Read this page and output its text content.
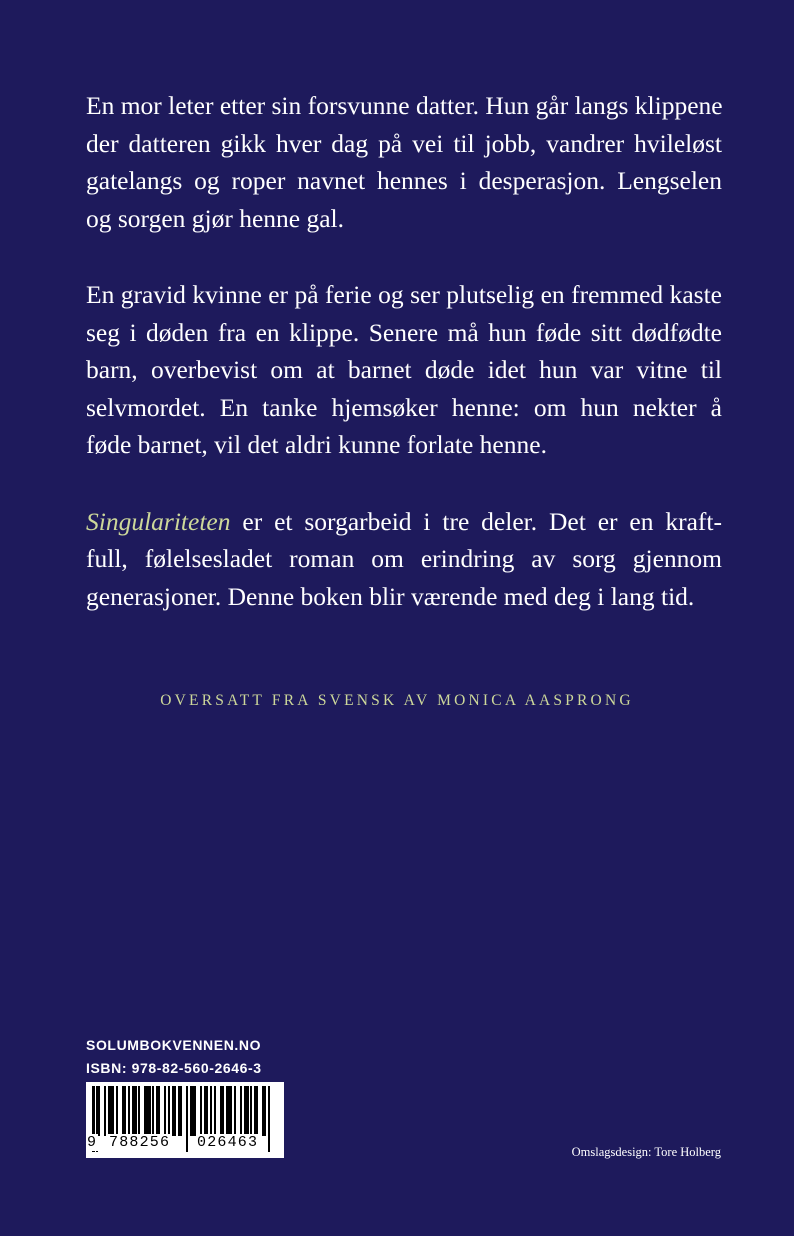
En mor leter etter sin forsvunne datter. Hun går langs klippene
der datteren gikk hver dag på vei til jobb, vandrer hvileløst
gatelangs og roper navnet hennes i desperasjon. Lengselen
og sorgen gjør henne gal.

En gravid kvinne er på ferie og ser plutselig en fremmed kaste
seg i døden fra en klippe. Senere må hun føde sitt dødfødte
barn, overbevist om at barnet døde idet hun var vitne til
selvmordet. En tanke hjemsøker henne: om hun nekter å
føde barnet, vil det aldri kunne forlate henne.

Singulariteten er et sorgarbeid i tre deler. Det er en kraft-
full, følelsesladet roman om erindring av sorg gjennom
generasjoner. Denne boken blir værende med deg i lang tid.

OVERSATT FRA SVENSK AV MONICA AASPRONG
SOLUMBOKVENNEN.NO
ISBN: 978-82-560-2646-3
9 788256 026463
Omslagsdesign: Tore Holberg
